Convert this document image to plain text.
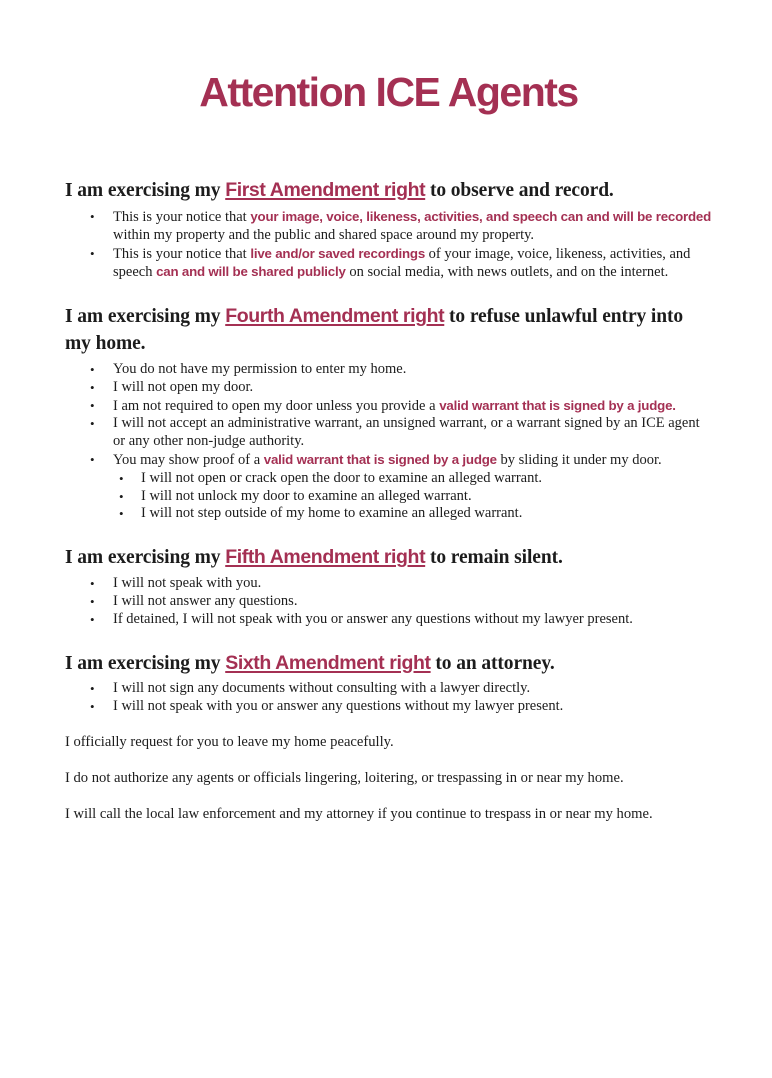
Attention ICE Agents
I am exercising my First Amendment right to observe and record.
• This is your notice that your image, voice, likeness, activities, and speech can and will be recorded within my property and the public and shared space around my property.
• This is your notice that live and/or saved recordings of your image, voice, likeness, activities, and speech can and will be shared publicly on social media, with news outlets, and on the internet.
I am exercising my Fourth Amendment right to refuse unlawful entry into my home.
• You do not have my permission to enter my home.
• I will not open my door.
• I am not required to open my door unless you provide a valid warrant that is signed by a judge.
• I will not accept an administrative warrant, an unsigned warrant, or a warrant signed by an ICE agent or any other non-judge authority.
• You may show proof of a valid warrant that is signed by a judge by sliding it under my door.
• I will not open or crack open the door to examine an alleged warrant.
• I will not unlock my door to examine an alleged warrant.
• I will not step outside of my home to examine an alleged warrant.
I am exercising my Fifth Amendment right to remain silent.
• I will not speak with you.
• I will not answer any questions.
• If detained, I will not speak with you or answer any questions without my lawyer present.
I am exercising my Sixth Amendment right to an attorney.
• I will not sign any documents without consulting with a lawyer directly.
• I will not speak with you or answer any questions without my lawyer present.

I officially request for you to leave my home peacefully.

I do not authorize any agents or officials lingering, loitering, or trespassing in or near my home.

I will call the local law enforcement and my attorney if you continue to trespass in or near my home.
